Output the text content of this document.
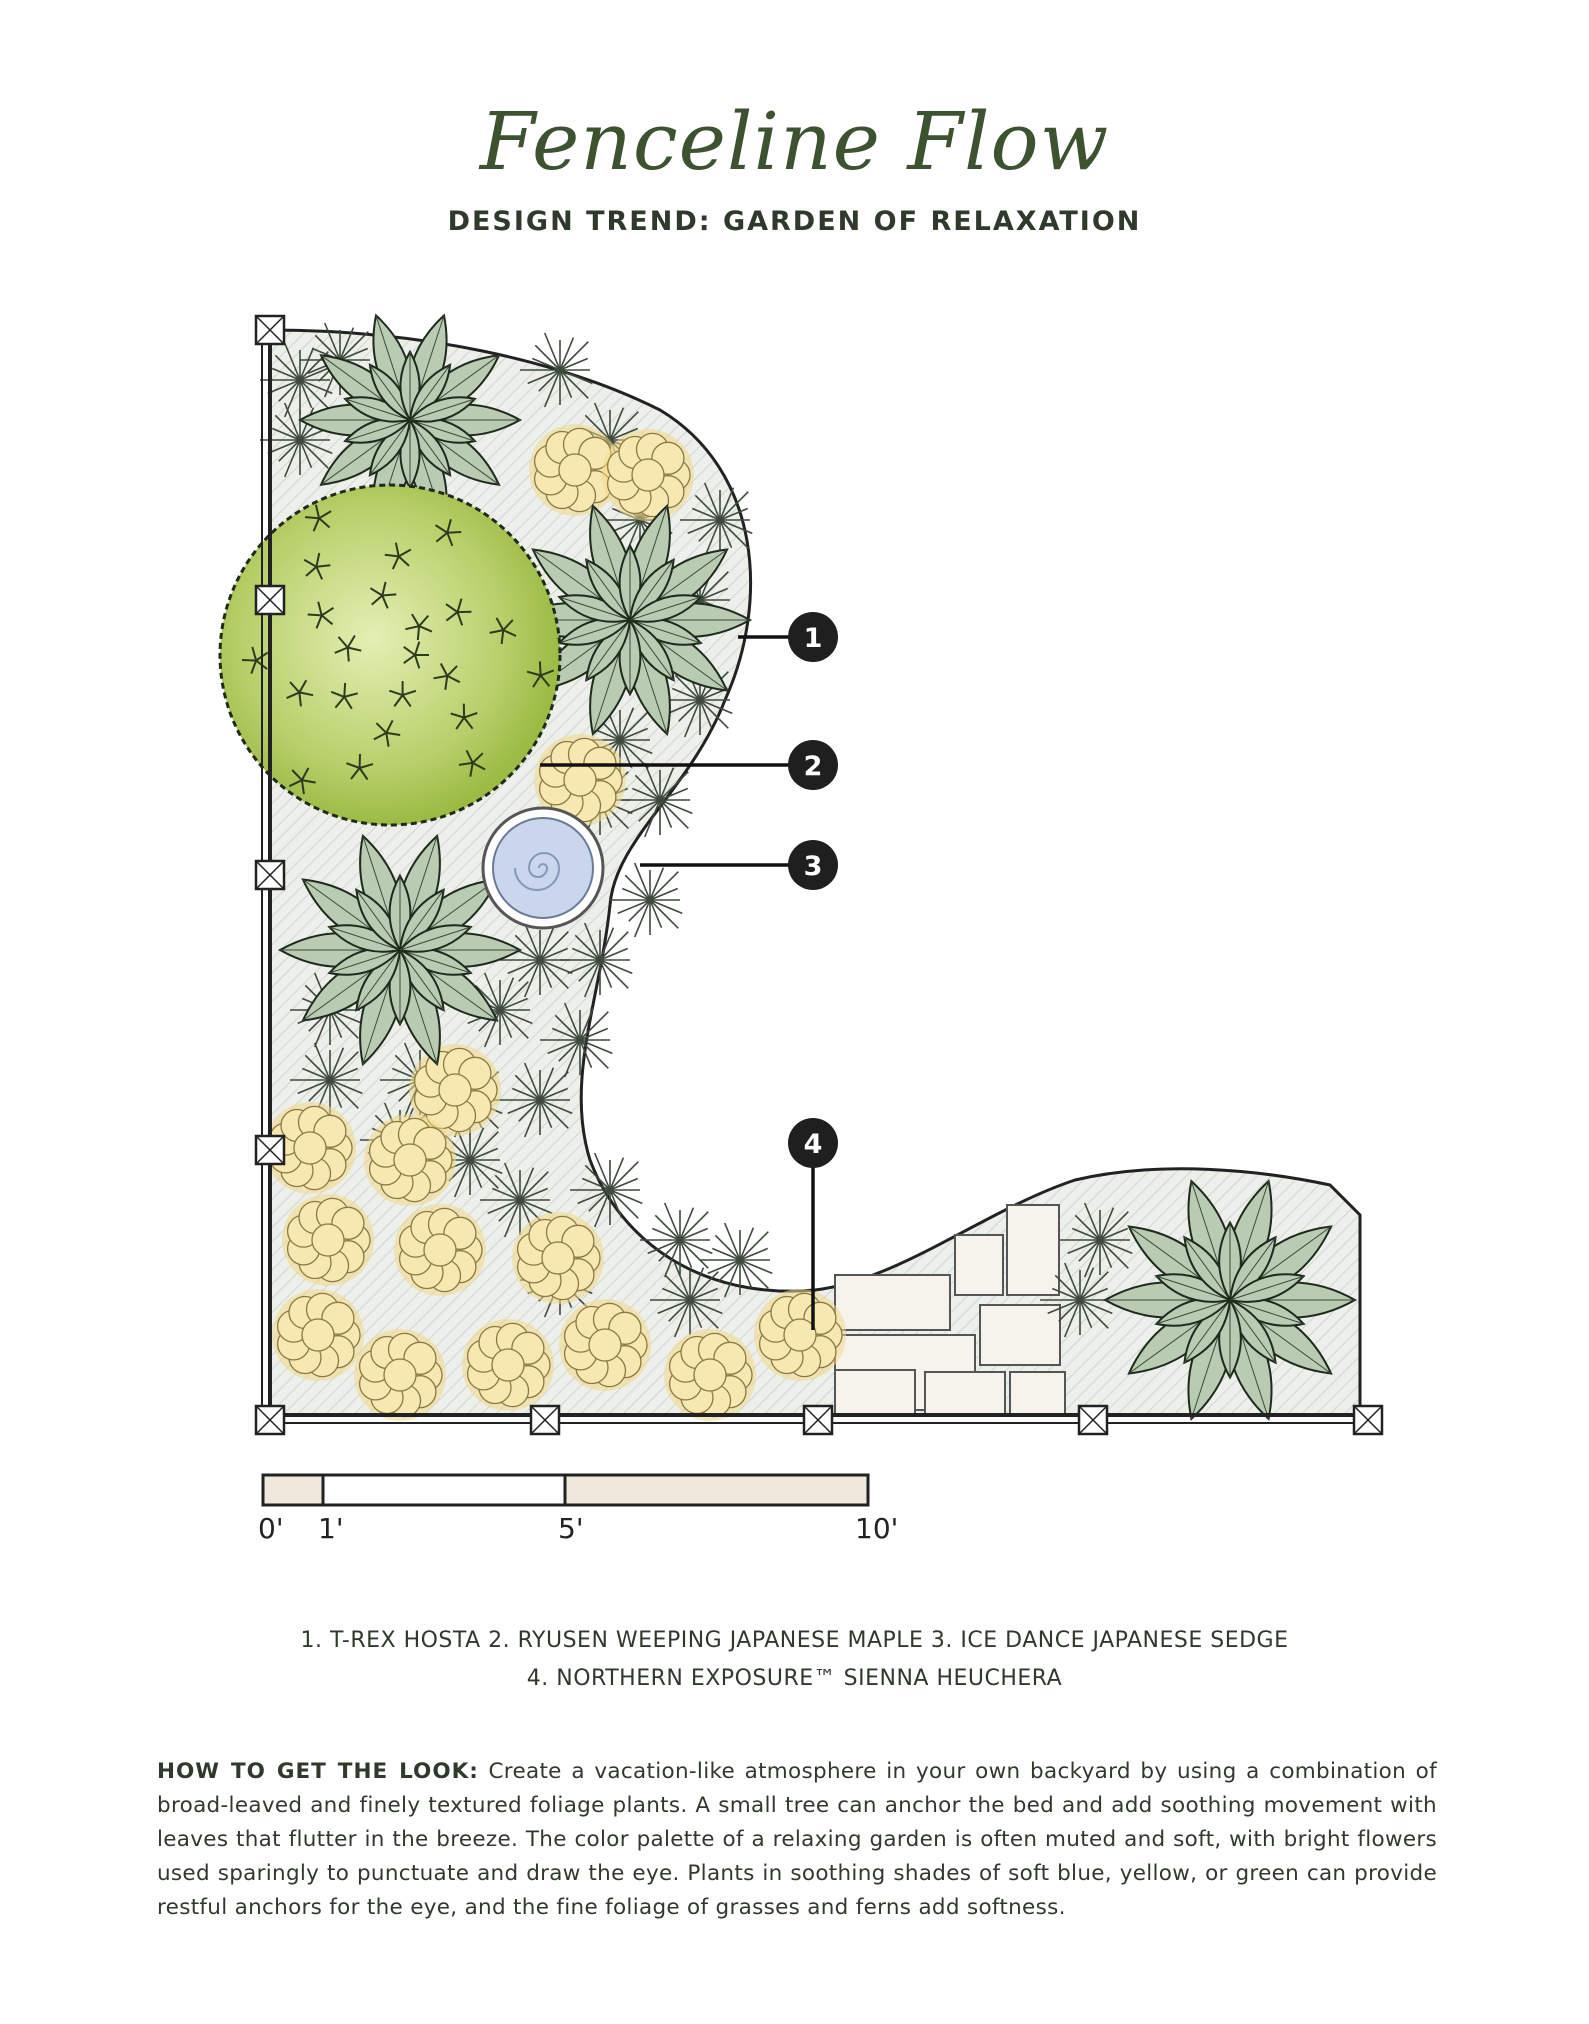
Fenceline Flow
DESIGN TREND: GARDEN OF RELAXATION
1
2
3
4
0' 1'	5'	10'
1. T-REX HOSTA 2. RYUSEN WEEPING JAPANESE MAPLE 3. ICE DANCE JAPANESE SEDGE
4. NORTHERN EXPOSURE™ SIENNA HEUCHERA
HOW TO GET THE LOOK: Create a vacation-like atmosphere in your own backyard by using a combination of broad-leaved and finely textured foliage plants. A small tree can anchor the bed and add soothing movement with leaves that flutter in the breeze. The color palette of a relaxing garden is often muted and soft, with bright flowers used sparingly to punctuate and draw the eye. Plants in soothing shades of soft blue, yellow, or green can provide restful anchors for the eye, and the fine foliage of grasses and ferns add softness.
